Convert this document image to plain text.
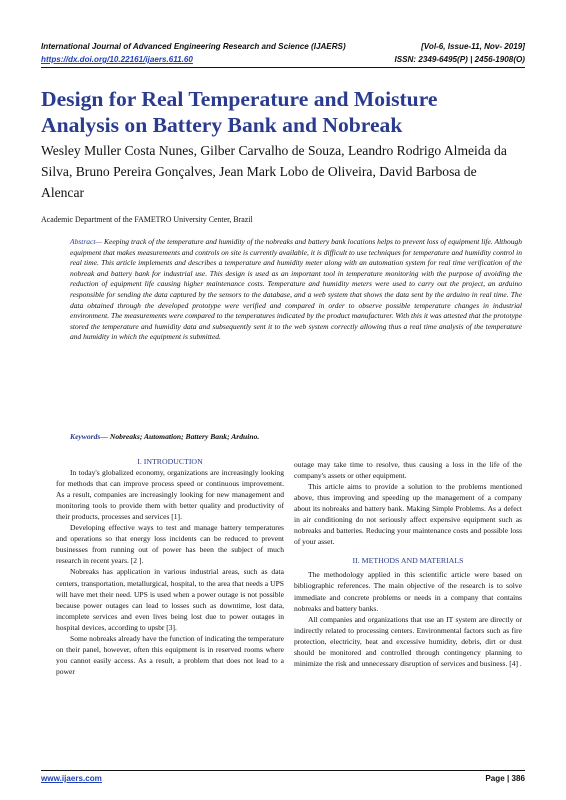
International Journal of Advanced Engineering Research and Science (IJAERS)	[Vol-6, Issue-11, Nov- 2019]
https://dx.doi.org/10.22161/ijaers.611.60	ISSN: 2349-6495(P) | 2456-1908(O)
Design for Real Temperature and Moisture Analysis on Battery Bank and Nobreak
Wesley Muller Costa Nunes, Gilber Carvalho de Souza, Leandro Rodrigo Almeida da Silva, Bruno Pereira Gonçalves, Jean Mark Lobo de Oliveira, David Barbosa de Alencar
Academic Department of the FAMETRO University Center, Brazil
Abstract— Keeping track of the temperature and humidity of the nobreaks and battery bank locations helps to prevent loss of equipment life. Although equipment that makes measurements and controls on site is currently available, it is difficult to use techniques for temperature and humidity control in real time. This article implements and describes a temperature and humidity meter along with an automation system for real time verification of the nobreak and battery bank for industrial use. This design is used as an important tool in temperature monitoring with the purpose of avoiding the reduction of equipment life causing higher maintenance costs. Temperature and humidity meters were used to carry out the project, an arduino responsible for sending the data captured by the sensors to the database, and a web system that shows the data sent by the arduino in real time. The data obtained through the developed prototype were verified and compared in order to observe possible temperature changes in industrial environment. The measurements were compared to the temperatures indicated by the product manufacturer. With this it was attested that the prototype stored the temperature and humidity data and subsequently sent it to the web system correctly allowing thus a real time analysis of the temperature and humidity in which the equipment is submitted.
Keywords— Nobreaks; Automation; Battery Bank; Arduino.

I. INTRODUCTION

In today's globalized economy, organizations are increasingly looking for methods that can improve process speed or continuous improvement. As a result, companies are increasingly looking for new management and monitoring tools to provide them with better quality and productivity of their products, processes and services [1].

Developing effective ways to test and manage battery temperatures and operations so that energy loss incidents can be reduced to prevent businesses from running out of power has been the subject of much research in recent years. [2 ].

Nobreaks has application in various industrial areas, such as data centers, transportation, metallurgical, hospital, to the area that needs a UPS will have met their need. UPS is used when a power outage is not possible because power outages can lead to losses such as downtime, lost data, incomplete services and even lives being lost due to power outages in hospital devices, according to upsbr [3].

Some nobreaks already have the function of indicating the temperature on their panel, however, often this equipment is in reserved rooms where you cannot easily access. As a result, a problem that does not lead to a power

outage may take time to resolve, thus causing a loss in the life of the company's assets or other equipment.

This article aims to provide a solution to the problems mentioned above, thus improving and speeding up the management of a company about its nobreaks and battery bank. Making Simple Problems. As a defect in air conditioning do not seriously affect expensive equipment such as nobreaks and batteries. Reducing your maintenance costs and possible loss of your asset.

II. METHODS AND MATERIALS

The methodology applied in this scientific article were based on bibliographic references. The main objective of the research is to solve immediate and concrete problems or needs in a company that contains nobreaks and battery banks.

All companies and organizations that use an IT system are directly or indirectly related to processing centers. Environmental factors such as fire protection, electricity, heat and excessive humidity, debris, dirt or dust should be monitored and controlled through contingency planning to minimize the risk and unnecessary disruption of services and business. [4] .

www.ijaers.com	Page | 386
